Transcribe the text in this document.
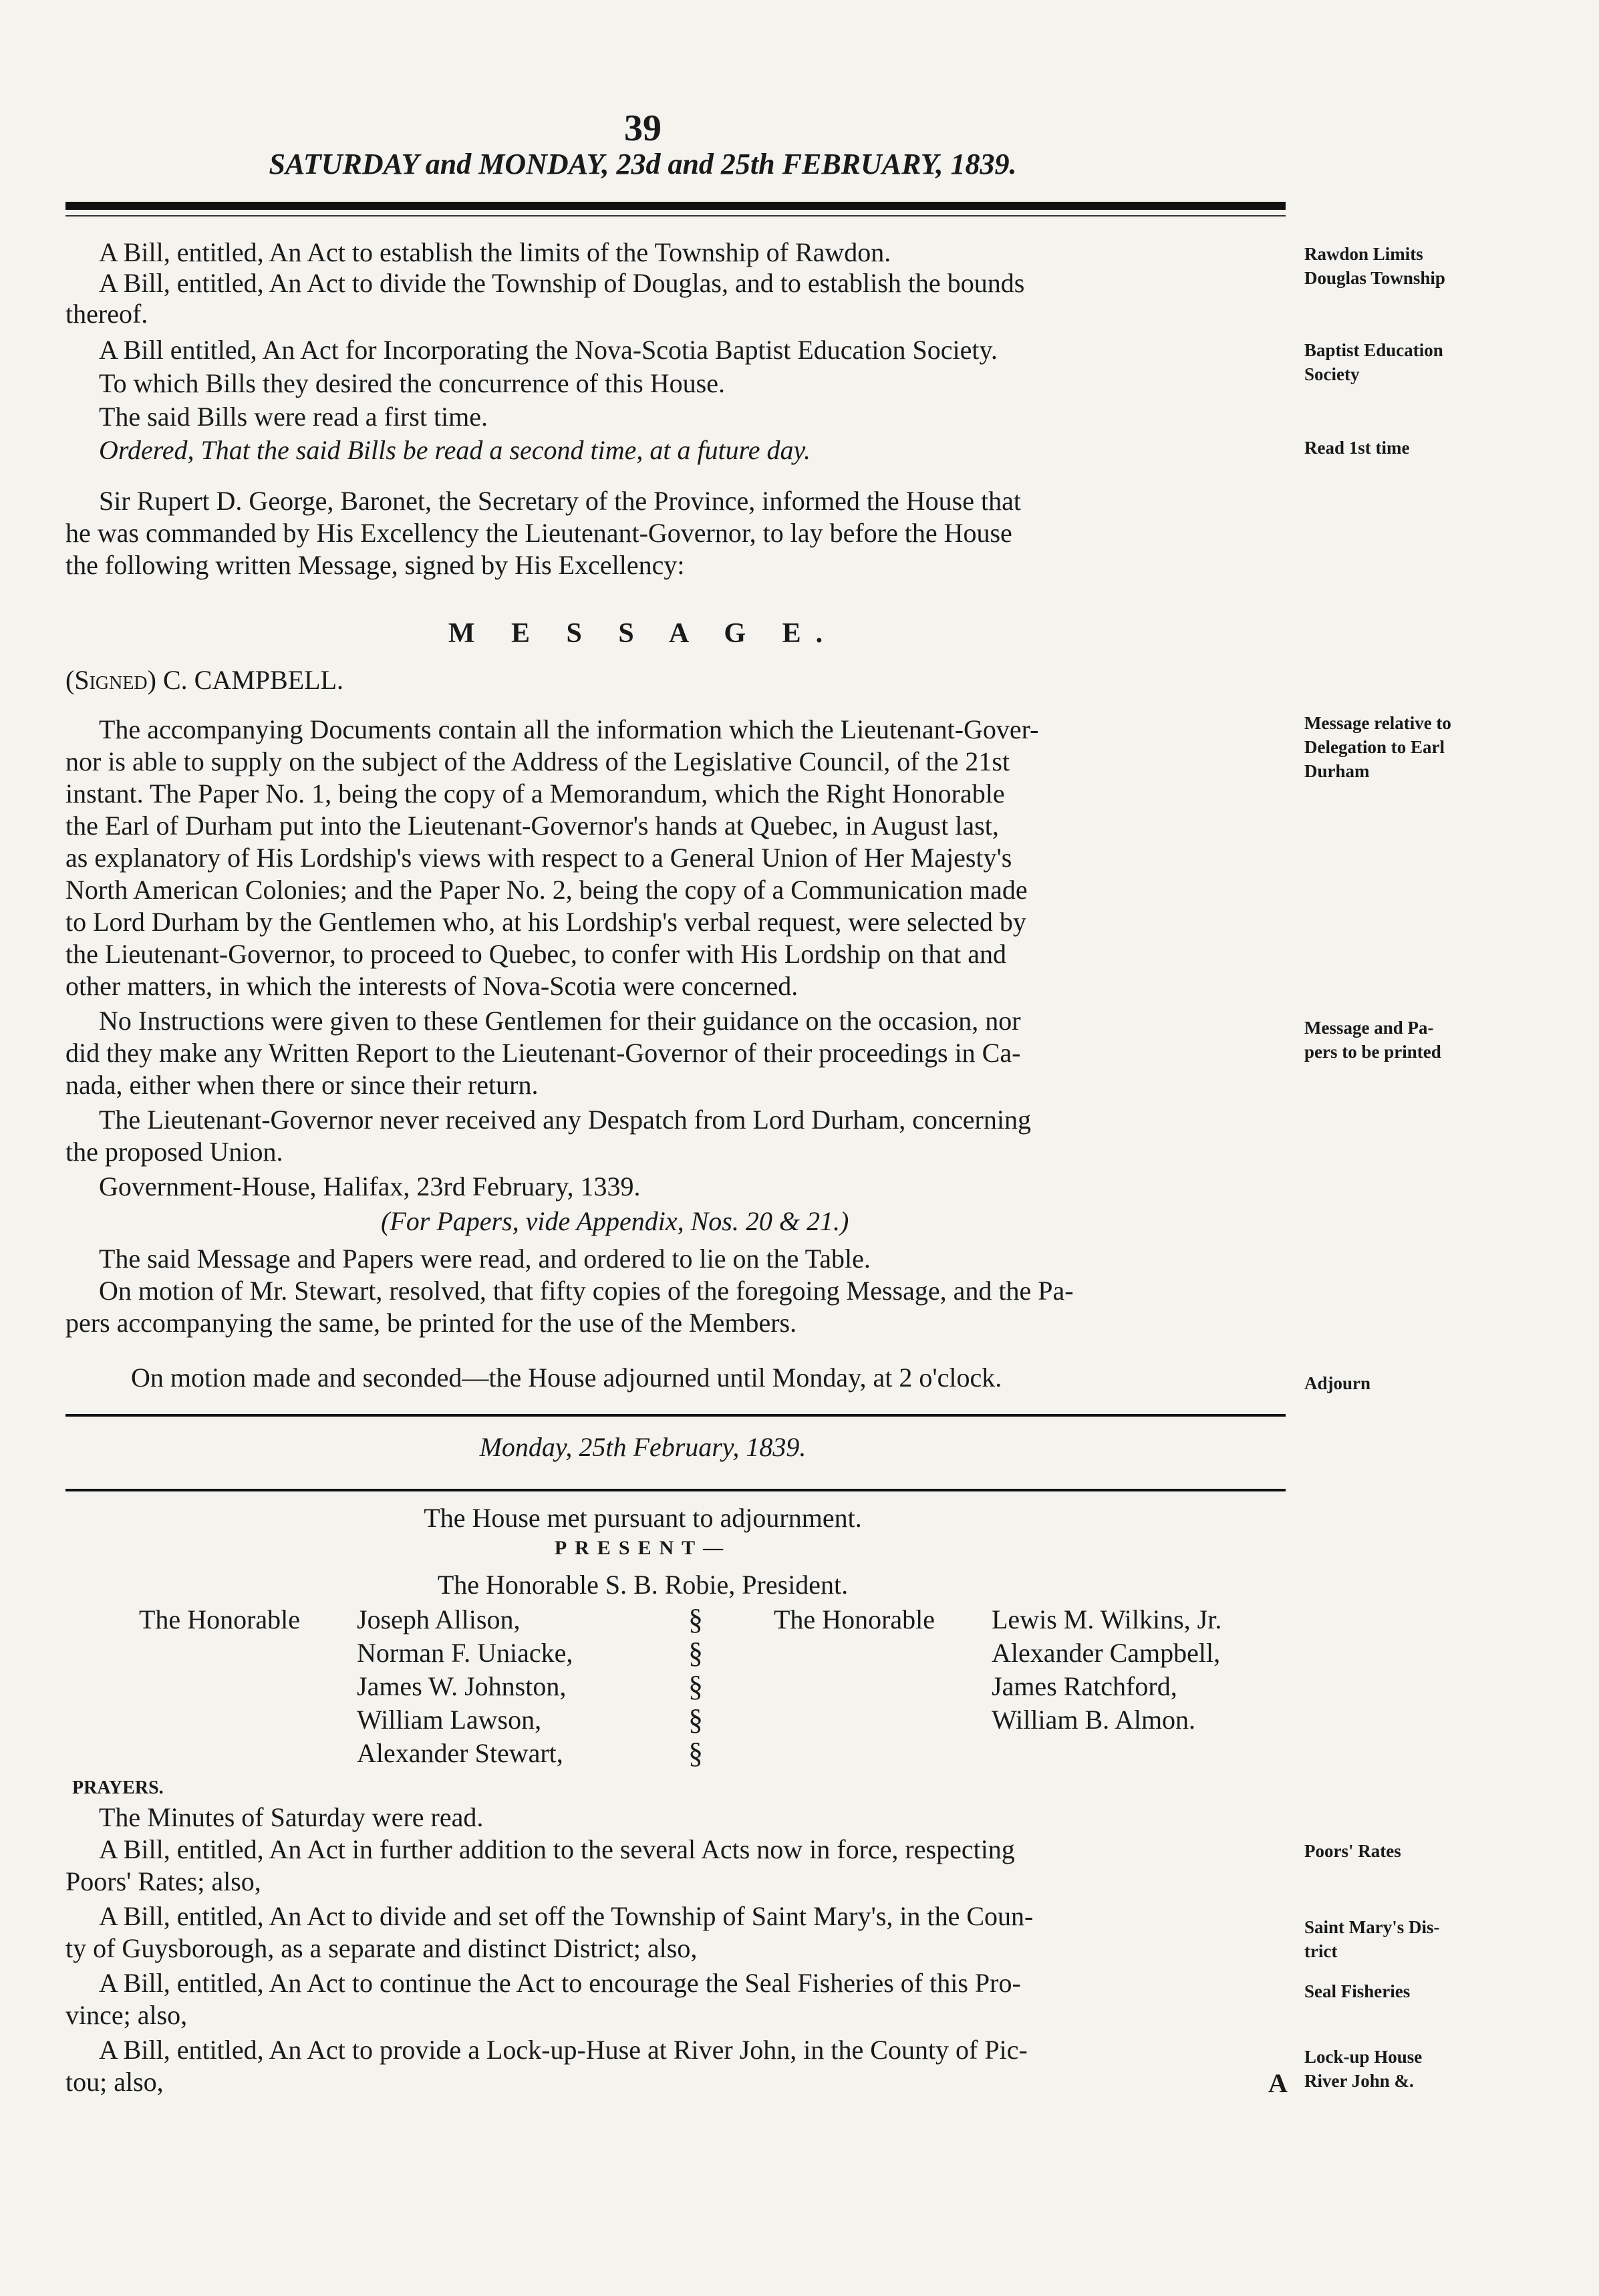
39
SATURDAY and MONDAY, 23d and 25th FEBRUARY, 1839.
A Bill, entitled, An Act to establish the limits of the Township of Rawdon.
A Bill, entitled, An Act to divide the Township of Douglas, and to establish the bounds
thereof.
A Bill entitled, An Act for Incorporating the Nova-Scotia Baptist Education Society.
To which Bills they desired the concurrence of this House.
The said Bills were read a first time.
Ordered, That the said Bills be read a second time, at a future day.
Sir Rupert D. George, Baronet, the Secretary of the Province, informed the House that
he was commanded by His Excellency the Lieutenant-Governor, to lay before the House
the following written Message, signed by His Excellency:
M E S S A G E.
(Signed) C. CAMPBELL.
The accompanying Documents contain all the information which the Lieutenant-Gover-
nor is able to supply on the subject of the Address of the Legislative Council, of the 21st
instant. The Paper No. 1, being the copy of a Memorandum, which the Right Honorable
the Earl of Durham put into the Lieutenant-Governor's hands at Quebec, in August last,
as explanatory of His Lordship's views with respect to a General Union of Her Majesty's
North American Colonies; and the Paper No. 2, being the copy of a Communication made
to Lord Durham by the Gentlemen who, at his Lordship's verbal request, were selected by
the Lieutenant-Governor, to proceed to Quebec, to confer with His Lordship on that and
other matters, in which the interests of Nova-Scotia were concerned.
No Instructions were given to these Gentlemen for their guidance on the occasion, nor
did they make any Written Report to the Lieutenant-Governor of their proceedings in Ca-
nada, either when there or since their return.
The Lieutenant-Governor never received any Despatch from Lord Durham, concerning
the proposed Union.
Government-House, Halifax, 23rd February, 1339.
(For Papers, vide Appendix, Nos. 20 & 21.)
The said Message and Papers were read, and ordered to lie on the Table.
On motion of Mr. Stewart, resolved, that fifty copies of the foregoing Message, and the Pa-
pers accompanying the same, be printed for the use of the Members.
On motion made and seconded—the House adjourned until Monday, at 2 o'clock.
Monday, 25th February, 1839.
The House met pursuant to adjournment.
PRESENT—
The Honorable S. B. Robie, President.
The Honorable Joseph Allison,
Norman F. Uniacke,
James W. Johnston,
William Lawson,
Alexander Stewart,
§
§
§
§
§
The Honorable Lewis M. Wilkins, Jr.
Alexander Campbell,
James Ratchford,
William B. Almon.
PRAYERS.
The Minutes of Saturday were read.
A Bill, entitled, An Act in further addition to the several Acts now in force, respecting
Poors' Rates; also,
A Bill, entitled, An Act to divide and set off the Township of Saint Mary's, in the Coun-
ty of Guysborough, as a separate and distinct District; also,
A Bill, entitled, An Act to continue the Act to encourage the Seal Fisheries of this Pro-
vince; also,
A Bill, entitled, An Act to provide a Lock-up-Huse at River John, in the County of Pic-
tou; also,	A
Rawdon Limits
Douglas Township
Baptist Education
Society
Read 1st time
Message relative to
Delegation to Earl
Durham
Message and Pa-
pers to be printed
Adjourn
Poors' Rates
Saint Mary's Dis-
trict
Seal Fisheries
Lock-up House
River John &.
